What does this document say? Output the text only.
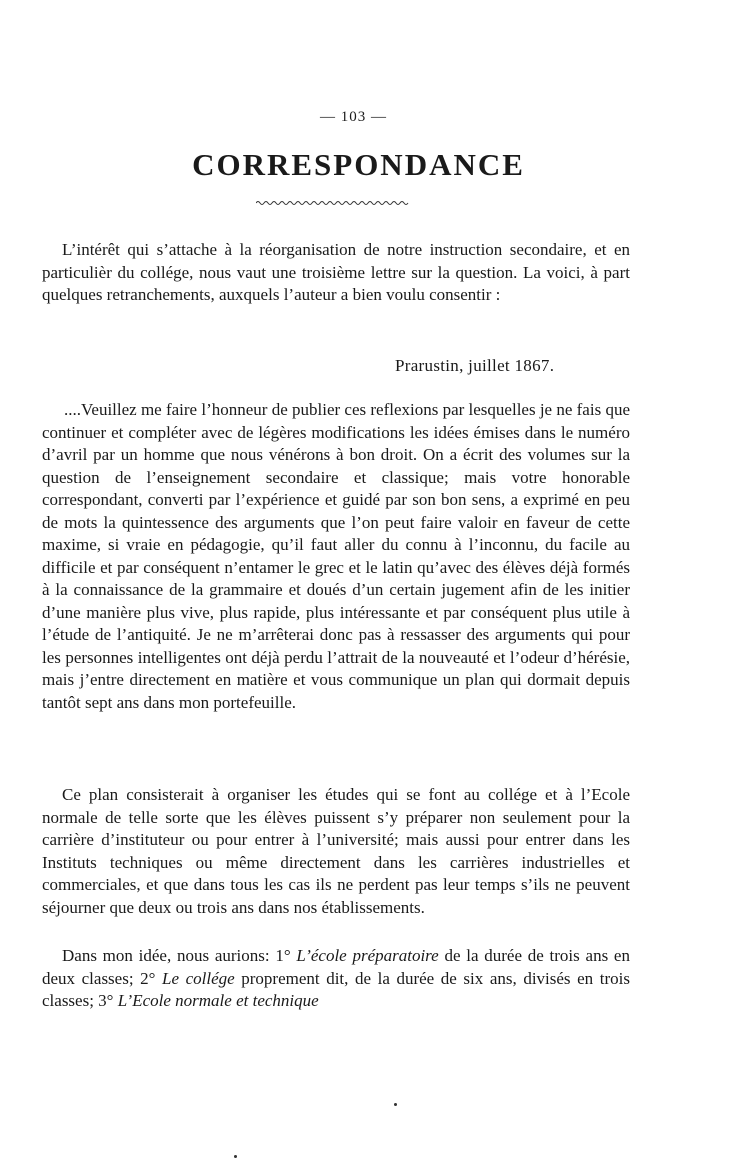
— 103 —
CORRESPONDANCE

L’intérêt qui s’attache à la réorganisation de notre instruction secondaire, et en particulièr du collége, nous vaut une troisième lettre sur la question. La voici, à part quelques retranchements, auxquels l’auteur a bien voulu consentir :

Prarustin, juillet 1867.

....Veuillez me faire l’honneur de publier ces reflexions par lesquelles je ne fais que continuer et compléter avec de légères modifications les idées émises dans le numéro d’avril par un homme que nous vénérons à bon droit. On a écrit des volumes sur la question de l’enseignement secondaire et classique; mais votre honorable correspondant, converti par l’expérience et guidé par son bon sens, a exprimé en peu de mots la quintessence des arguments que l’on peut faire valoir en faveur de cette maxime, si vraie en pédagogie, qu’il faut aller du connu à l’inconnu, du facile au difficile et par conséquent n’entamer le grec et le latin qu’avec des élèves déjà formés à la connaissance de la grammaire et doués d’un certain jugement afin de les initier d’une manière plus vive, plus rapide, plus intéressante et par conséquent plus utile à l’étude de l’antiquité. Je ne m’arrêterai donc pas à ressasser des arguments qui pour les personnes intelligentes ont déjà perdu l’attrait de la nouveauté et l’odeur d’hérésie, mais j’entre directement en matière et vous communique un plan qui dormait depuis tantôt sept ans dans mon portefeuille.

Ce plan consisterait à organiser les études qui se font au collége et à l’Ecole normale de telle sorte que les élèves puissent s’y préparer non seulement pour la carrière d’instituteur ou pour entrer à l’université; mais aussi pour entrer dans les Instituts techniques ou même directement dans les carrières industrielles et commerciales, et que dans tous les cas ils ne perdent pas leur temps s’ils ne peuvent séjourner que deux ou trois ans dans nos établissements.

Dans mon idée, nous aurions: 1° L’école préparatoire de la durée de trois ans en deux classes; 2° Le collége proprement dit, de la durée de six ans, divisés en trois classes; 3° L’Ecole normale et technique
